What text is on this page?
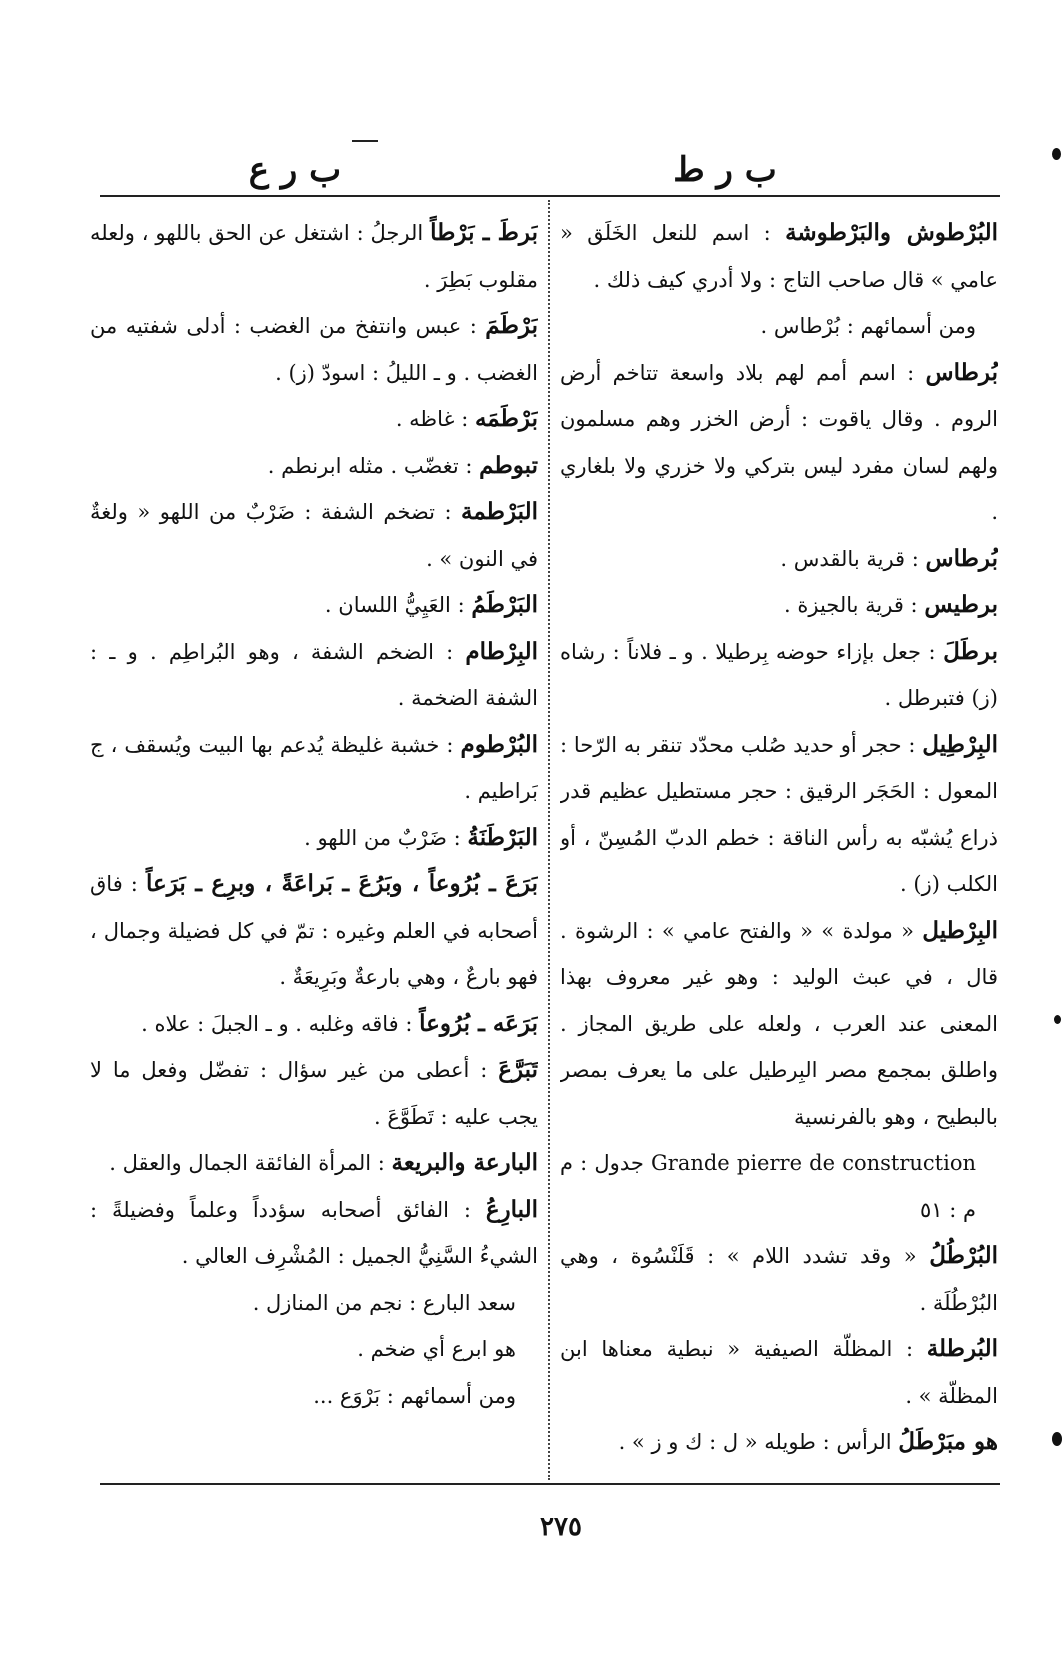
ب ر ط
ب ر ع

البُرْطوش والبَرْطوشة : اسم للنعل الخَلَق « عامي » قال صاحب التاج : ولا أدري كيف ذلك .

ومن أسمائهم : بُرْطاس .

بُرطاس : اسم أمم لهم بلاد واسعة تتاخم أرض الروم . وقال ياقوت : أرض الخزر وهم مسلمون ولهم لسان مفرد ليس بتركي ولا خزري ولا بلغاري .

بُرطاس : قرية بالقدس .

برطيس : قرية بالجيزة .

برطَلَ : جعل بإزاء حوضه بِرطيلا . و ـ فلاناً : رشاه (ز) فتبرطل .

البِرْطِيل : حجر أو حديد صُلب محدّد تنقر به الرّحا : المعول : الحَجَر الرقيق : حجر مستطيل عظيم قدر ذراع يُشبّه به رأس الناقة : خطم الدبّ المُسِنّ ، أو الكلب (ز) .

البِرْطيل « مولدة » « والفتح عامي » : الرشوة . قال ، في عبث الوليد : وهو غير معروف بهذا المعنى عند العرب ، ولعله على طريق المجاز . واطلق بمجمع مصر البِرطيل على ما يعرف بمصر بالبطيح ، وهو بالفرنسية

Grande pierre de construction جدول : م م : ٥١

البُرْطُلُ « وقد تشدد اللام » : قَلَنْسُوة ، وهي البُرْطُلَة .

البُرطلة : المظلّة الصيفية « نبطية معناها ابن المظلّة » .

هو مبَرْطَلُ الرأس : طويله « ل : ك و ز » .

بَرطَ ـ بَرْطاً الرجلُ : اشتغل عن الحق باللهو ، ولعله مقلوب بَطِرَ .

بَرْطَمَ : عبس وانتفخ من الغضب : أدلى شفتيه من الغضب . و ـ الليلُ : اسودّ (ز) .

بَرْطَمَه : غاظه .

تبوطم : تغضّب . مثله ابرنطم .

البَرْطمة : تضخم الشفة : ضَرْبٌ من اللهو « ولغةٌ في النون » .

البَرْطَمُ : العَيِيُّ اللسان .

البِرْطام : الضخم الشفة ، وهو البُراطِم . و ـ : الشفة الضخمة .

البُرْطوم : خشبة غليظة يُدعم بها البيت ويُسقف ، ج بَراطيم .

البَرْطَنَةُ : ضَرْبٌ من اللهو .

بَرَعَ ـ بُرُوعاً ، وبَرُعَ ـ بَراعَةً ، وبرِع ـ بَرَعاً : فاق أصحابه في العلم وغيره : تمّ في كل فضيلة وجمال ، فهو بارعٌ ، وهي بارعةٌ وبَرِيعَةٌ .

بَرَعَه ـ بُرُوعاً : فاقه وغلبه . و ـ الجبلَ : علاه .

تَبَرَّعَ : أعطى من غير سؤال : تفضّل وفعل ما لا يجب عليه : تَطَوَّعَ .

البارعة والبريعة : المرأة الفائقة الجمال والعقل .

البارِعُ : الفائق أصحابه سؤدداً وعلماً وفضيلةً : الشيءُ السَّنِيُّ الجميل : المُشْرِف العالي .

سعد البارع : نجم من المنازل .

هو ابرع أي ضخم .

ومن أسمائهم : بَرْوَع ...

٢٧٥
